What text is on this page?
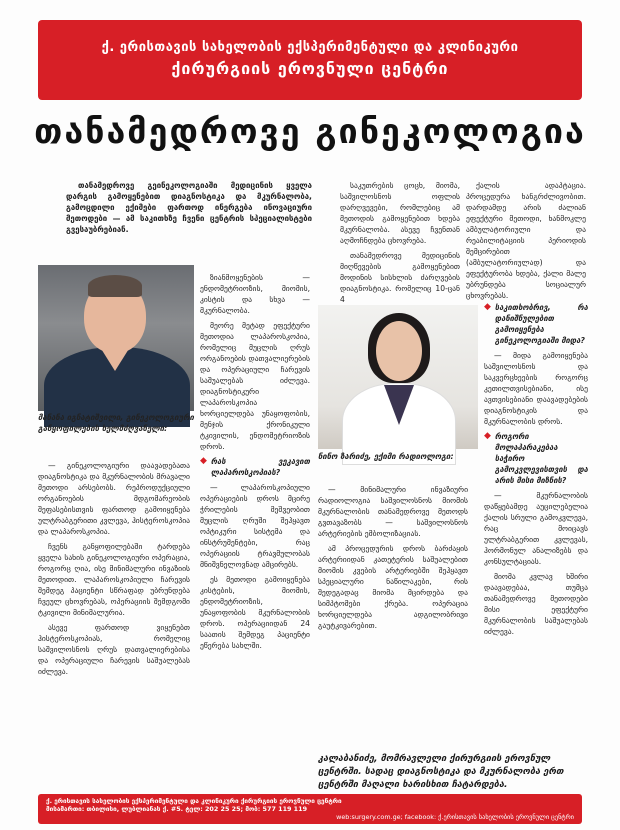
ქ. ერისთავის სახელობის ექსპერიმენტული და კლინიკური
ქირურგიის ეროვნული ცენტრი
თანამედროვე გინეკოლოგია

თანამედროვე გეინეკოლოგიაში მედიცინის ყველა დარგის გამოყენებით დიაგნოსტიკა და მკურნალობა, გამოცდილი ექიმები ფართოდ ინერგება ინოვაციური მეთოდები — ამ საკითხზე ჩვენი ცენტრის სპეციალისტები გვესაუბრებიან.

საკუთრების ცოცხ, მიომა, საშვილოსნოს ოფლის დარღვევები, რომლებიც ამ მეთოდის გამოყენებით ხდება მკურნალობა. ასევე ჩვენთან აღმოჩნდება ცხოვრება.

თანამედროვე მედიცინის მიღწევების გამოყენებით მოდინის სისხლის ძარღვების დიაგნოსტიკა. რომელიც 10-ცან 4

ქალის ადაპტაცია. პროცედურა ხანგრძლივობით. დარდამდე არის ძალიან ეფექტური მეთოდი, ხანმოკლე ამბულატორიული და რეაბილიტაციის პერიოდის შემცირებით (ამბულატორიულად) და ეფექტურობა ხდება, ქალი მალე უბრუნდება სოციალურ ცხოვრებას.

მანანა იგნატიშვილი, გინეკოლოგიური განყოფილების ხელმძღვანელი:

— გინეკოლოგიური დაავადებათა დიაგნოსტიკა და მკურნალობის მრავალი მეთოდი არსებობს. რეპროდუქციული ორგანოების მდგომარეობის შეფასებისთვის ფართოდ გამოიყენება ულტრაბგერითი კვლევა, ჰისტეროსკოპია და ლაპაროსკოპია.

ჩვენს განყოფილებაში ტარდება ყველა სახის გინეკოლოგიური ოპერაცია, როგორც ღია, ისე მინიმალური ინვაზიის მეთოდით. ლაპაროსკოპიული ჩარევის შემდეგ პაციენტი სწრაფად უბრუნდება ჩვეულ ცხოვრებას, ოპერაციის შემდგომი ტკივილი მინიმალურია.

ასევე ფართოდ ვიყენებთ ჰისტეროსკოპიას, რომელიც საშვილოსნოს ღრუს დათვალიერებისა და ოპერაციული ჩარევის საშუალებას იძლევა.

ზიანმოყენების — ენდომეტრიოზის, მიომის, კისტის და სხვა — მკურნალობა.

მეორე მეტად ეფექტური მეთოდია ლაპაროსკოპია, რომელიც მუცლის ღრუს ორგანოების დათვალიერების და ოპერაციული ჩარევის საშუალებას იძლევა. დიაგნოსტიკური ლაპაროსკოპია ხორციელდება უნაყოფობის, მენჯის ქრონიკული ტკივილის, ენდომეტრიოზის დროს.

◆ რას ვეკავით ლაპაროსკოპიას?

— ლაპაროსკოპიული ოპერაციების დროს მცირე ჭრილების მეშვეობით მუცლის ღრუში შეჰყავთ ოპტიკური სისტემა და ინსტრუმენტები, რაც ოპერაციის ტრავმულობას მნიშვნელოვნად ამცირებს.

ეს მეთოდი გამოიყენება კისტების, მიომის, ენდომეტრიოზის, უნაყოფობის მკურნალობის დროს. ოპერაციიდან 24 საათის შემდეგ პაციენტი ეწერება სახლში.

ნინო ზარიძე, ექიმი რადიოლოგი:

— მინიმალური ინვაზიური რადიოლოგია საშვილოსნოს მიომის მკურნალობის თანამედროვე მეთოდს გვთავაზობს — საშვილოსნოს არტერიების ემბოლიზაციას.

ამ პროცედურის დროს ბარძაყის არტერიიდან კათეტერის საშუალებით მიომის კვების არტერიებში შეჰყავთ სპეციალური ნაწილაკები, რის შედეგადაც მიომა მცირდება და სიმპტომები ქრება. ოპერაცია ხორციელდება ადგილობრივი გაუტკივარებით.

◆ საკითხობრივ, რა დანიშნულებით გამოიყენება გინეკოლოგიაში მიდა?

— მიდა გამოიყენება საშვილოსნოს და საკვერცხეების როგორც კეთილთვისებიანი, ისე ავთვისებიანი დაავადებების დიაგნოსტიკის და მკურნალობის დროს.

◆ როგორი მოლაპარაკებაა საჭირო გამოკვლევისთვის და არის მისი მიზნის?

— მკურნალობის დაწყებამდე აუცილებელია ქალის სრული გამოკვლევა, რაც მოიცავს ულტრაბგერით კვლევას, ჰორმონულ ანალიზებს და კონსულტაციას.

მიომა კვლავ ხშირი დაავადებაა, თუმცა თანამედროვე მეთოდები მისი ეფექტური მკურნალობის საშუალებას იძლევა.

კალაბანიძე, მომრავლელი ქირურგიის ეროვნულ ცენტრში. სადაც დიაგნოსტიკა და მკურნალობა ერთ ცენტრში მაღალი ხარისხით ჩატარდება.
ქ. ერისთავის სახელობის ექსპერიმენტული და კლინიკური ქირურგიის ეროვნული ცენტრი
მისამართი: თბილისი, ლუბლიანას ქ. #5. ტელ: 202 25 25; მობ: 577 119 119
web:surgery.com.ge; facebook: ქ.ერისთავის სახელობის ეროვნული ცენტრი
